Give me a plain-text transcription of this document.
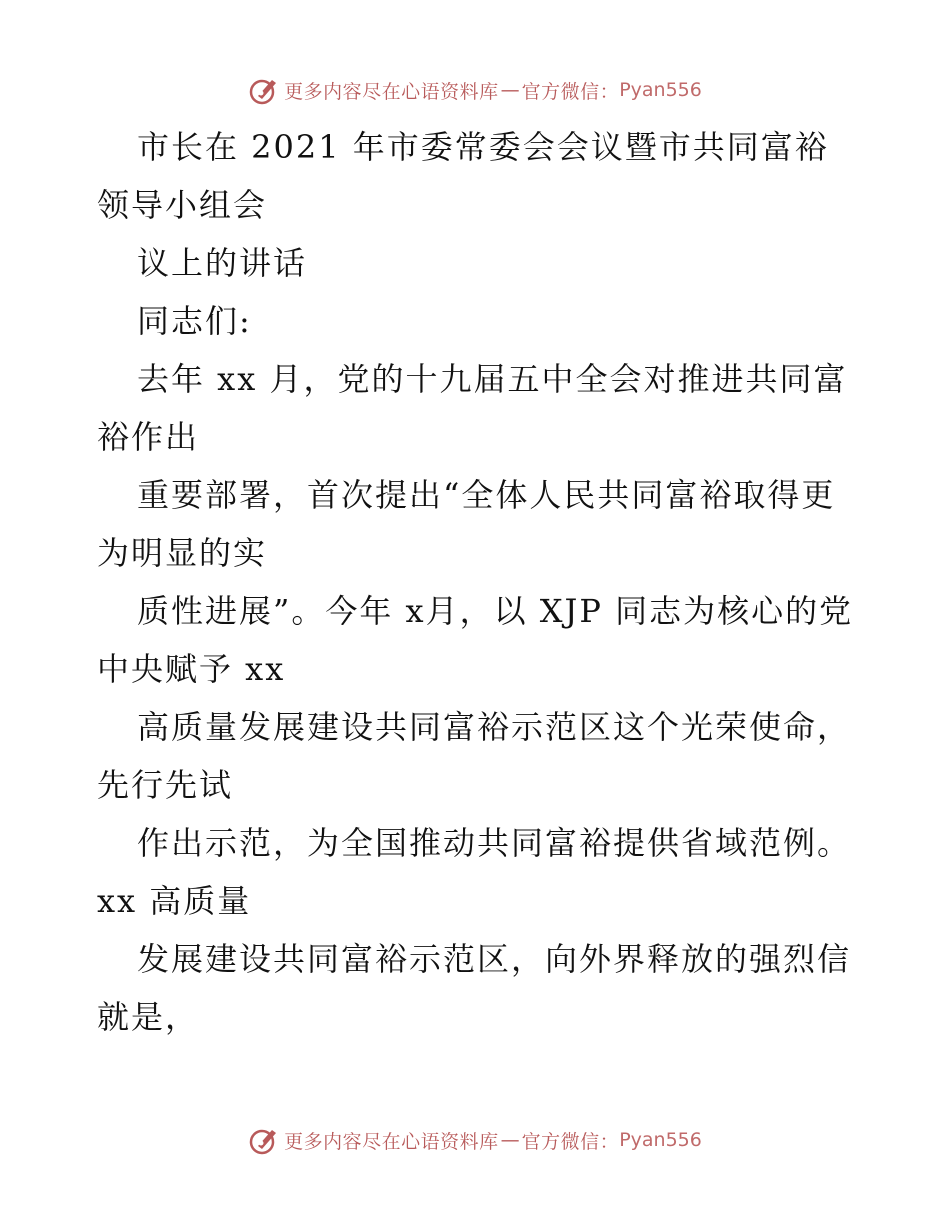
更多内容尽在心语资料库 — 官方微信： Pyan556

市长在 2021 年市委常委会会议暨市共同富裕领导小组会

议上的讲话

同志们:

去年 xx 月，党的十九届五中全会对推进共同富裕作出

重要部署，首次提出“全体人民共同富裕取得更为明显的实

质性进展”。今年 x月，以 XJP 同志为核心的党中央赋予 xx

高质量发展建设共同富裕示范区这个光荣使命，先行先试

作出示范，为全国推动共同富裕提供省域范例。xx 高质量

发展建设共同富裕示范区，向外界释放的强烈信就是，

更多内容尽在心语资料库 — 官方微信： Pyan556
